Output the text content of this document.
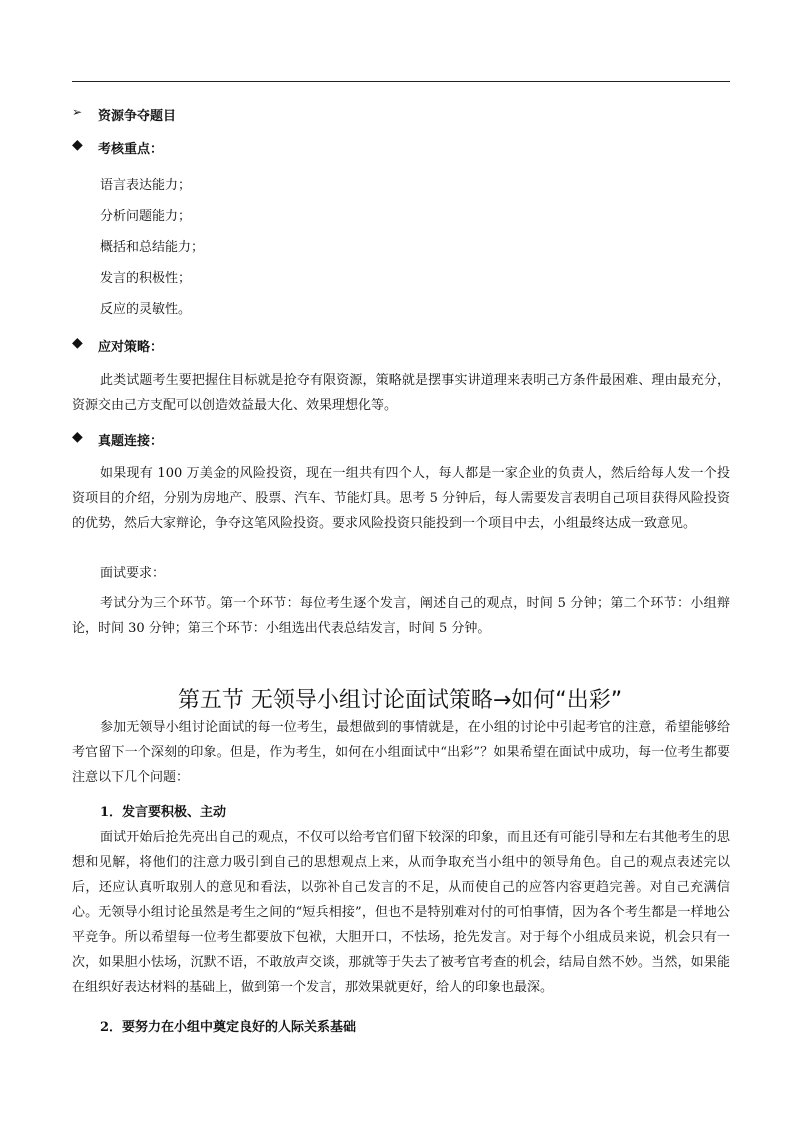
➢ 资源争夺题目
◆ 考核重点：
语言表达能力；
分析问题能力；
概括和总结能力；
发言的积极性；
反应的灵敏性。
◆ 应对策略：
此类试题考生要把握住目标就是抢夺有限资源，策略就是摆事实讲道理来表明己方条件最困难、理由最充分，资源交由己方支配可以创造效益最大化、效果理想化等。
◆ 真题连接：
如果现有 100 万美金的风险投资，现在一组共有四个人，每人都是一家企业的负责人，然后给每人发一个投资项目的介绍，分别为房地产、股票、汽车、节能灯具。思考 5 分钟后，每人需要发言表明自己项目获得风险投资的优势，然后大家辩论，争夺这笔风险投资。要求风险投资只能投到一个项目中去，小组最终达成一致意见。
面试要求：
考试分为三个环节。第一个环节：每位考生逐个发言，阐述自己的观点，时间 5 分钟；第二个环节：小组辩论，时间 30 分钟；第三个环节：小组选出代表总结发言，时间 5 分钟。
第五节 无领导小组讨论面试策略→如何“出彩”
参加无领导小组讨论面试的每一位考生，最想做到的事情就是，在小组的讨论中引起考官的注意，希望能够给考官留下一个深刻的印象。但是，作为考生，如何在小组面试中“出彩”？如果希望在面试中成功，每一位考生都要注意以下几个问题：
1．发言要积极、主动
面试开始后抢先亮出自己的观点，不仅可以给考官们留下较深的印象，而且还有可能引导和左右其他考生的思想和见解，将他们的注意力吸引到自己的思想观点上来，从而争取充当小组中的领导角色。自己的观点表述完以后，还应认真听取别人的意见和看法，以弥补自己发言的不足，从而使自己的应答内容更趋完善。对自己充满信心。无领导小组讨论虽然是考生之间的“短兵相接”，但也不是特别难对付的可怕事情，因为各个考生都是一样地公平竞争。所以希望每一位考生都要放下包袱，大胆开口，不怯场，抢先发言。对于每个小组成员来说，机会只有一次，如果胆小怯场，沉默不语，不敢放声交谈，那就等于失去了被考官考查的机会，结局自然不妙。当然，如果能在组织好表达材料的基础上，做到第一个发言，那效果就更好，给人的印象也最深。
2．要努力在小组中奠定良好的人际关系基础
